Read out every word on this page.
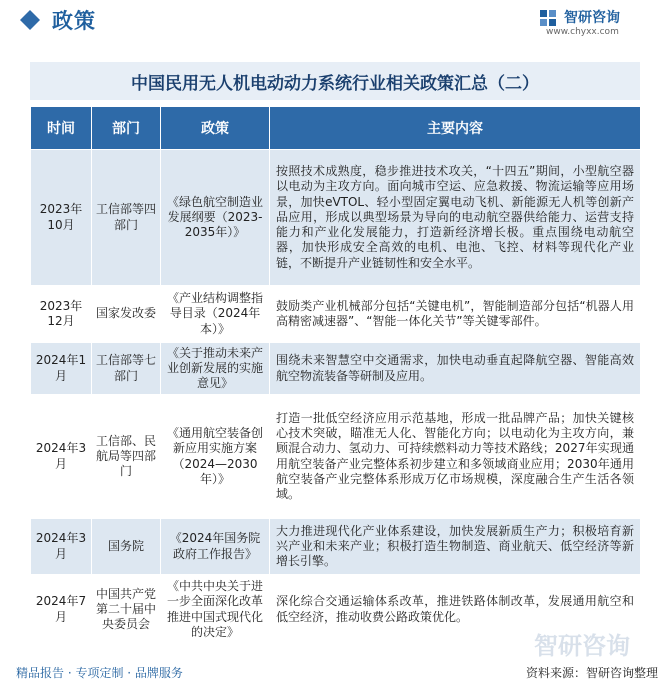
政策	智研咨询
www.chyxx.com
中国民用无人机电动动力系统行业相关政策汇总（二）
时间	部门	政策	主要内容
2023年10月	工信部等四部门	《绿色航空制造业发展纲要（2023-2035年）》	按照技术成熟度，稳步推进技术攻关，“十四五”期间，小型航空器以电动为主攻方向。面向城市空运、应急救援、物流运输等应用场景，加快eVTOL、轻小型固定翼电动飞机、新能源无人机等创新产品应用，形成以典型场景为导向的电动航空器供给能力、运营支持能力和产业化发展能力，打造新经济增长极。重点围绕电动航空器，加快形成安全高效的电机、电池、飞控、材料等现代化产业链，不断提升产业链韧性和安全水平。
2023年12月	国家发改委	《产业结构调整指导目录（2024年本）》	鼓励类产业机械部分包括“关键电机”，智能制造部分包括“机器人用高精密减速器”、“智能一体化关节”等关键零部件。
2024年1月	工信部等七部门	《关于推动未来产业创新发展的实施意见》	围绕未来智慧空中交通需求，加快电动垂直起降航空器、智能高效航空物流装备等研制及应用。
2024年3月	工信部、民航局等四部门	《通用航空装备创新应用实施方案（2024—2030年）》	打造一批低空经济应用示范基地，形成一批品牌产品；加快关键核心技术突破，瞄准无人化、智能化方向；以电动化为主攻方向，兼顾混合动力、氢动力、可持续燃料动力等技术路线；2027年实现通用航空装备产业完整体系初步建立和多领域商业应用；2030年通用航空装备产业完整体系形成万亿市场规模，深度融合生产生活各领域。
2024年3月	国务院	《2024年国务院政府工作报告》	大力推进现代化产业体系建设，加快发展新质生产力；积极培育新兴产业和未来产业；积极打造生物制造、商业航天、低空经济等新增长引擎。
2024年7月	中国共产党第二十届中央委员会	《中共中央关于进一步全面深化改革 推进中国式现代化的决定》	深化综合交通运输体系改革，推进铁路体制改革，发展通用航空和低空经济，推动收费公路政策优化。
智研咨询
精品报告 · 专项定制 · 品牌服务	资料来源：智研咨询整理
